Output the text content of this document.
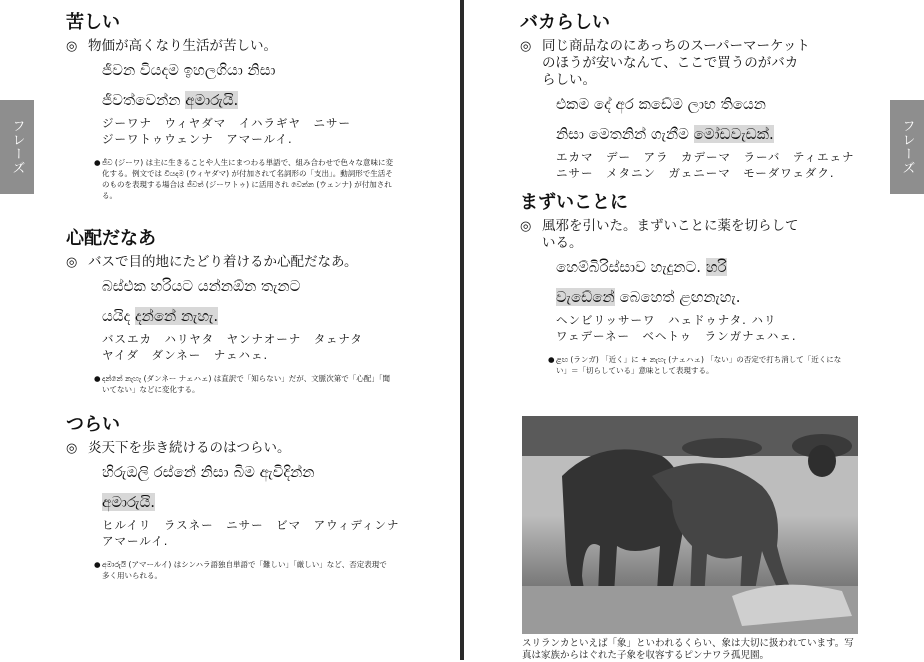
フレーズ	フレーズ
苦しい
◎ 物価が高くなり生活が苦しい。
ජීවන වියදම ඉහලගියා නිසා
ජීවත්වෙන්න අමාරුයි.
ジーワナ　ウィヤダマ　イハラギヤ　ニサー
ジーワトゥウェンナ　アマールイ.
● ජීව (ジーワ) は主に生きることや人生にまつわる単語で、組み合わせで色々な意味に変化する。例文では වියදම (ウィヤダマ) が付加されて名詞形の「支出」。動詞形で生活そのものを表現する場合は ජීවත් (ジーワトゥ) に活用され වෙන්න (ウェンナ) が付加される。
心配だなあ
◎ バスで目的地にたどり着けるか心配だなあ。
බස්එක හරියට යන්නඕන තැනට
යයිද දන්නේ නැහැ.
バスエカ　ハリヤタ　ヤンナオーナ　タェナタ
ヤイダ　ダンネー　ナェハェ.
● දන්නේ නැහැ (ダンネー ナェハェ) は直訳で「知らない」だが、文脈次第で「心配」「聞いてない」などに変化する。
つらい
◎ 炎天下を歩き続けるのはつらい。
හිරුඔලි රස්නේ නිසා බිම ඇවිදින්න
අමාරුයි.
ヒルイリ　ラスネー　ニサー　ビマ　アウィディンナ
アマールイ.
● අමාරුයි (アマールイ) はシンハラ語独自単語で「難しい」「厳しい」など、否定表現で多く用いられる。
バカらしい
◎ 同じ商品なのにあっちのスーパーマーケット
のほうが安いなんて、ここで買うのがバカ
らしい。
එකම දේ අර කඩේම ලාභ තියෙන
නිසා මෙතනින් ගැනීම මෝඩවැඩක්.
エカマ　デー　アラ　カデーマ　ラーバ　ティエェナ
ニサー　メタニン　ガェニーマ　モーダワェダク.
まずいことに
◎ 風邪を引いた。まずいことに薬を切らして
いる。
හෙම්බිරිස්සාව හැදුනට. හරි
වැඩේනේ බෙහෙත් ළඟනැහැ.
ヘンビリッサーワ　ハェドゥナタ. ハリ
ワェデーネー　ベヘトゥ　ランガナェハェ.
● ළඟ (ランガ) 「近く」に + නැහැ (ナェハェ) 「ない」の否定で打ち消して「近くにない」＝「切らしている」意味として表現する。
スリランカといえば「象」といわれるくらい、象は大切に扱われています。写真は家族からはぐれた子象を収容するピンナワラ孤児園。
